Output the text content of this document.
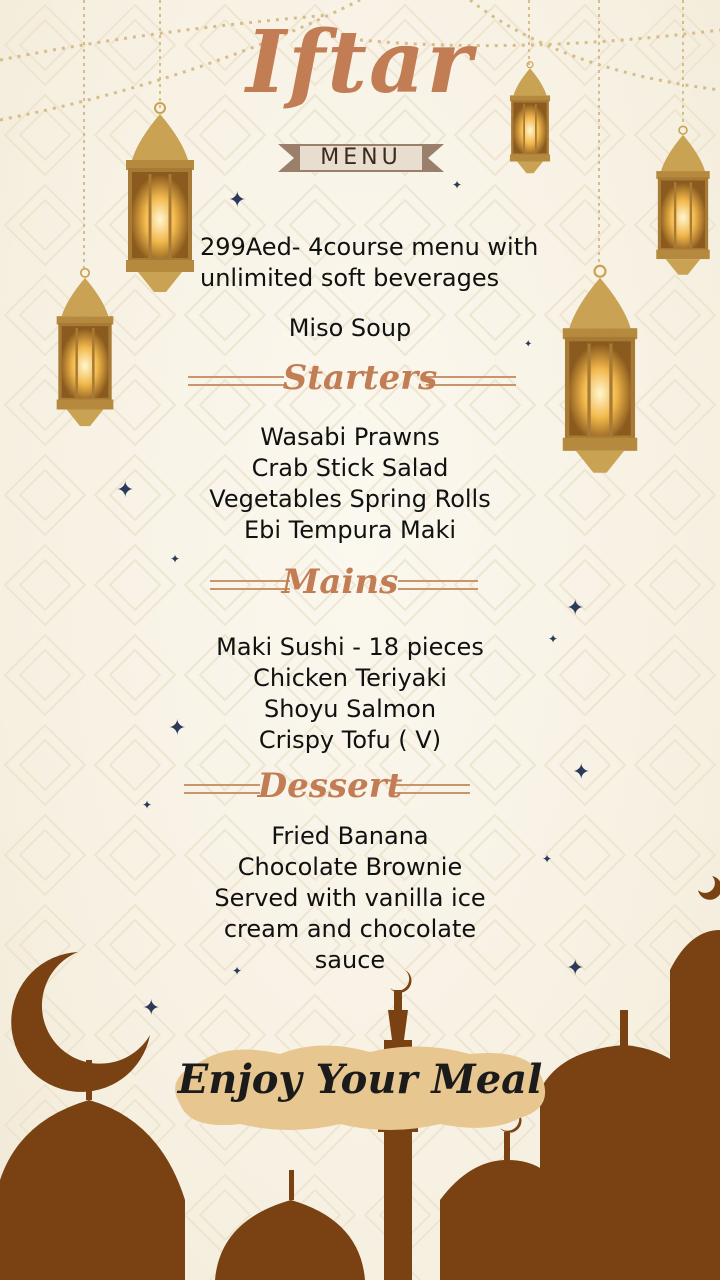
✦
✦
✦
✦
✦
✦
✦
✦
✦
✦
✦
✦
✦
✦
Iftar
MENU
299Aed- 4course menu with
unlimited soft beverages
Miso Soup
Starters
Wasabi Prawns
Crab Stick Salad
Vegetables Spring Rolls
Ebi Tempura Maki
Mains
Maki Sushi - 18 pieces
Chicken Teriyaki
Shoyu Salmon
Crispy Tofu ( V)
Dessert
Fried Banana
Chocolate Brownie
Served with vanilla ice
cream and chocolate
sauce
Enjoy Your Meal
